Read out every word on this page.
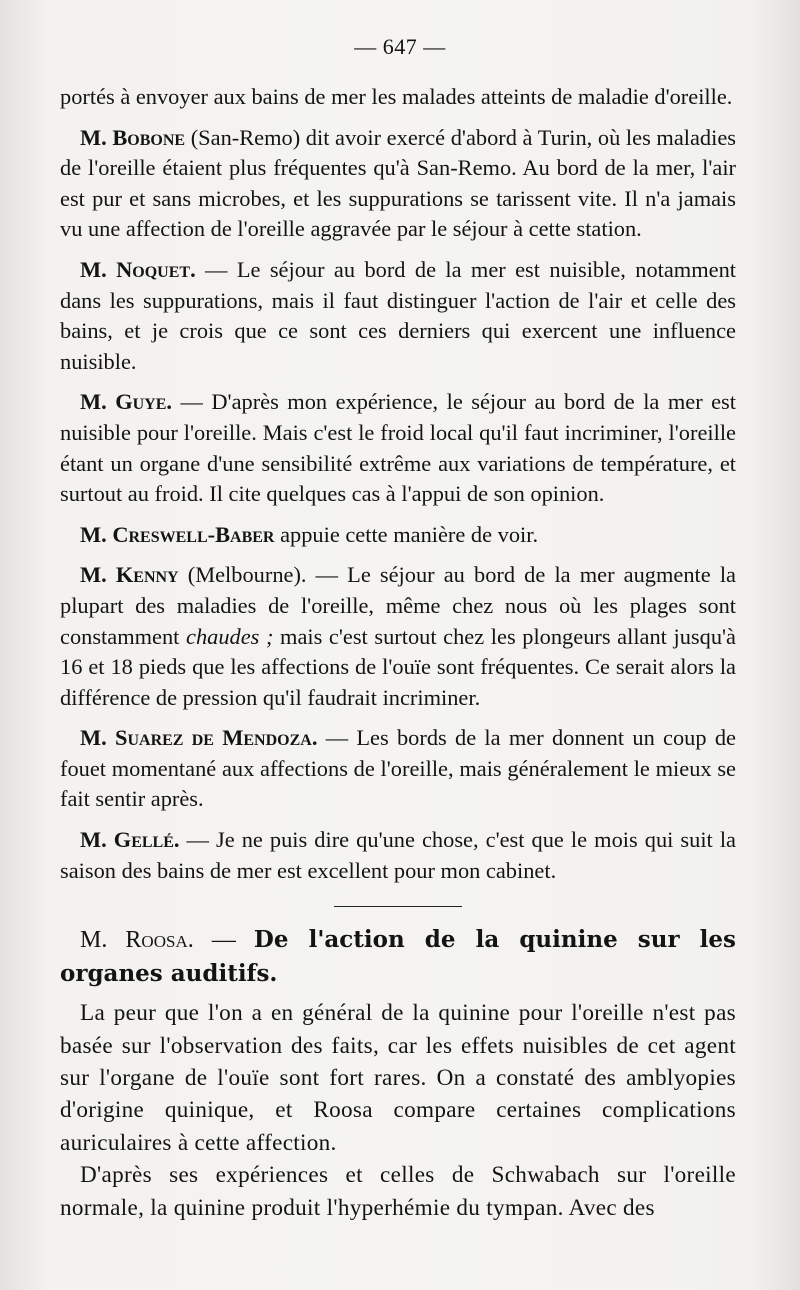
— 647 —

portés à envoyer aux bains de mer les malades atteints de maladie d'oreille.

M. Bobone (San-Remo) dit avoir exercé d'abord à Turin, où les maladies de l'oreille étaient plus fréquentes qu'à San-Remo. Au bord de la mer, l'air est pur et sans microbes, et les suppurations se tarissent vite. Il n'a jamais vu une affection de l'oreille aggravée par le séjour à cette station.

M. Noquet. — Le séjour au bord de la mer est nuisible, notamment dans les suppurations, mais il faut distinguer l'action de l'air et celle des bains, et je crois que ce sont ces derniers qui exercent une influence nuisible.

M. Guye. — D'après mon expérience, le séjour au bord de la mer est nuisible pour l'oreille. Mais c'est le froid local qu'il faut incriminer, l'oreille étant un organe d'une sensibilité extrême aux variations de température, et surtout au froid. Il cite quelques cas à l'appui de son opinion.

M. Creswell-Baber appuie cette manière de voir.

M. Kenny (Melbourne). — Le séjour au bord de la mer augmente la plupart des maladies de l'oreille, même chez nous où les plages sont constamment chaudes ; mais c'est surtout chez les plongeurs allant jusqu'à 16 et 18 pieds que les affections de l'ouïe sont fréquentes. Ce serait alors la différence de pression qu'il faudrait incriminer.

M. Suarez de Mendoza. — Les bords de la mer donnent un coup de fouet momentané aux affections de l'oreille, mais généralement le mieux se fait sentir après.

M. Gellé. — Je ne puis dire qu'une chose, c'est que le mois qui suit la saison des bains de mer est excellent pour mon cabinet.

M. Roosa. — De l'action de la quinine sur les organes auditifs.

La peur que l'on a en général de la quinine pour l'oreille n'est pas basée sur l'observation des faits, car les effets nuisibles de cet agent sur l'organe de l'ouïe sont fort rares. On a constaté des amblyopies d'origine quinique, et Roosa compare certaines complications auriculaires à cette affection.

D'après ses expériences et celles de Schwabach sur l'oreille normale, la quinine produit l'hyperhémie du tympan. Avec des
